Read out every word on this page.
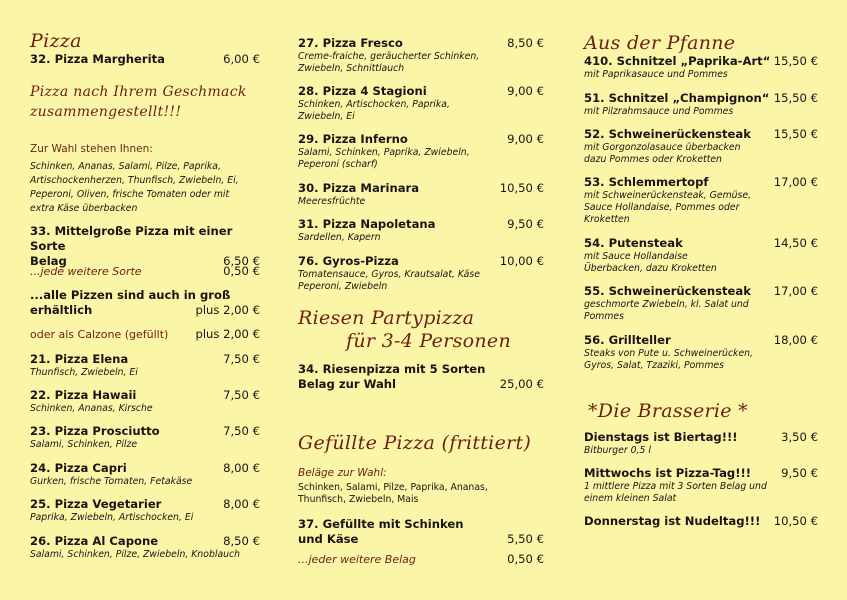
Pizza
32. Pizza Margherita	6,00 €
Pizza nach Ihrem Geschmack
zusammengestellt!!!
Zur Wahl stehen Ihnen:
Schinken, Ananas, Salami, Pilze, Paprika, Artischockenherzen, Thunfisch, Zwiebeln, Ei, Peperoni, Oliven, frische Tomaten oder mit extra Käse überbacken
33. Mittelgroße Pizza mit einer Sorte
Belag	6,50 €
...jede weitere Sorte	0,50 €
...alle Pizzen sind auch in groß
erhältlich	plus 2,00 €
oder als Calzone (gefüllt) plus 2,00 €
21. Pizza Elena	7,50 €
Thunfisch, Zwiebeln, Ei
22. Pizza Hawaii	7,50 €
Schinken, Ananas, Kirsche
23. Pizza Prosciutto	7,50 €
Salami, Schinken, Pilze
24. Pizza Capri	8,00 €
Gurken, frische Tomaten, Fetakäse
25. Pizza Vegetarier	8,00 €
Paprika, Zwiebeln, Artischocken, Ei
26. Pizza Al Capone	8,50 €
Salami, Schinken, Pilze, Zwiebeln, Knoblauch
27. Pizza Fresco	8,50 €
Creme-fraiche, geräucherter Schinken, Zwiebeln, Schnittlauch
28. Pizza 4 Stagioni	9,00 €
Schinken, Artischocken, Paprika, Zwiebeln, Ei
29. Pizza Inferno	9,00 €
Salami, Schinken, Paprika, Zwiebeln, Peperoni (scharf)
30. Pizza Marinara	10,50 €
Meeresfrüchte
31. Pizza Napoletana	9,50 €
Sardellen, Kapern
76. Gyros-Pizza	10,00 €
Tomatensauce, Gyros, Krautsalat, Käse Peperoni, Zwiebeln
Riesen Partypizza
für 3-4 Personen
34. Riesenpizza mit 5 Sorten
Belag zur Wahl	25,00 €
Gefüllte Pizza (frittiert)
Beläge zur Wahl:
Schinken, Salami, Pilze, Paprika, Ananas, Thunfisch, Zwiebeln, Mais
37. Gefüllte mit Schinken
und Käse	5,50 €
...jeder weitere Belag	0,50 €
Aus der Pfanne
410. Schnitzel „Paprika-Art“ 15,50 €
mit Paprikasauce und Pommes
51. Schnitzel „Champignon“ 15,50 €
mit Pilzrahmsauce und Pommes
52. Schweinerückensteak 15,50 €
mit Gorgonzolasauce überbacken dazu Pommes oder Kroketten
53. Schlemmertopf	17,00 €
mit Schweinerückensteak, Gemüse, Sauce Hollandaise, Pommes oder Kroketten
54. Putensteak	14,50 €
mit Sauce Hollandaise Überbacken, dazu Kroketten
55. Schweinerückensteak 17,00 €
geschmorte Zwiebeln, kl. Salat und Pommes
56. Grillteller	18,00 €
Steaks von Pute u. Schweinerücken, Gyros, Salat, Tzaziki, Pommes
*Die Brasserie *
Dienstags ist Biertag!!!	3,50 €
Bitburger 0,5 l
Mittwochs ist Pizza-Tag!!!	9,50 €
1 mittlere Pizza mit 3 Sorten Belag und einem kleinen Salat
Donnerstag ist Nudeltag!!! 10,50 €
